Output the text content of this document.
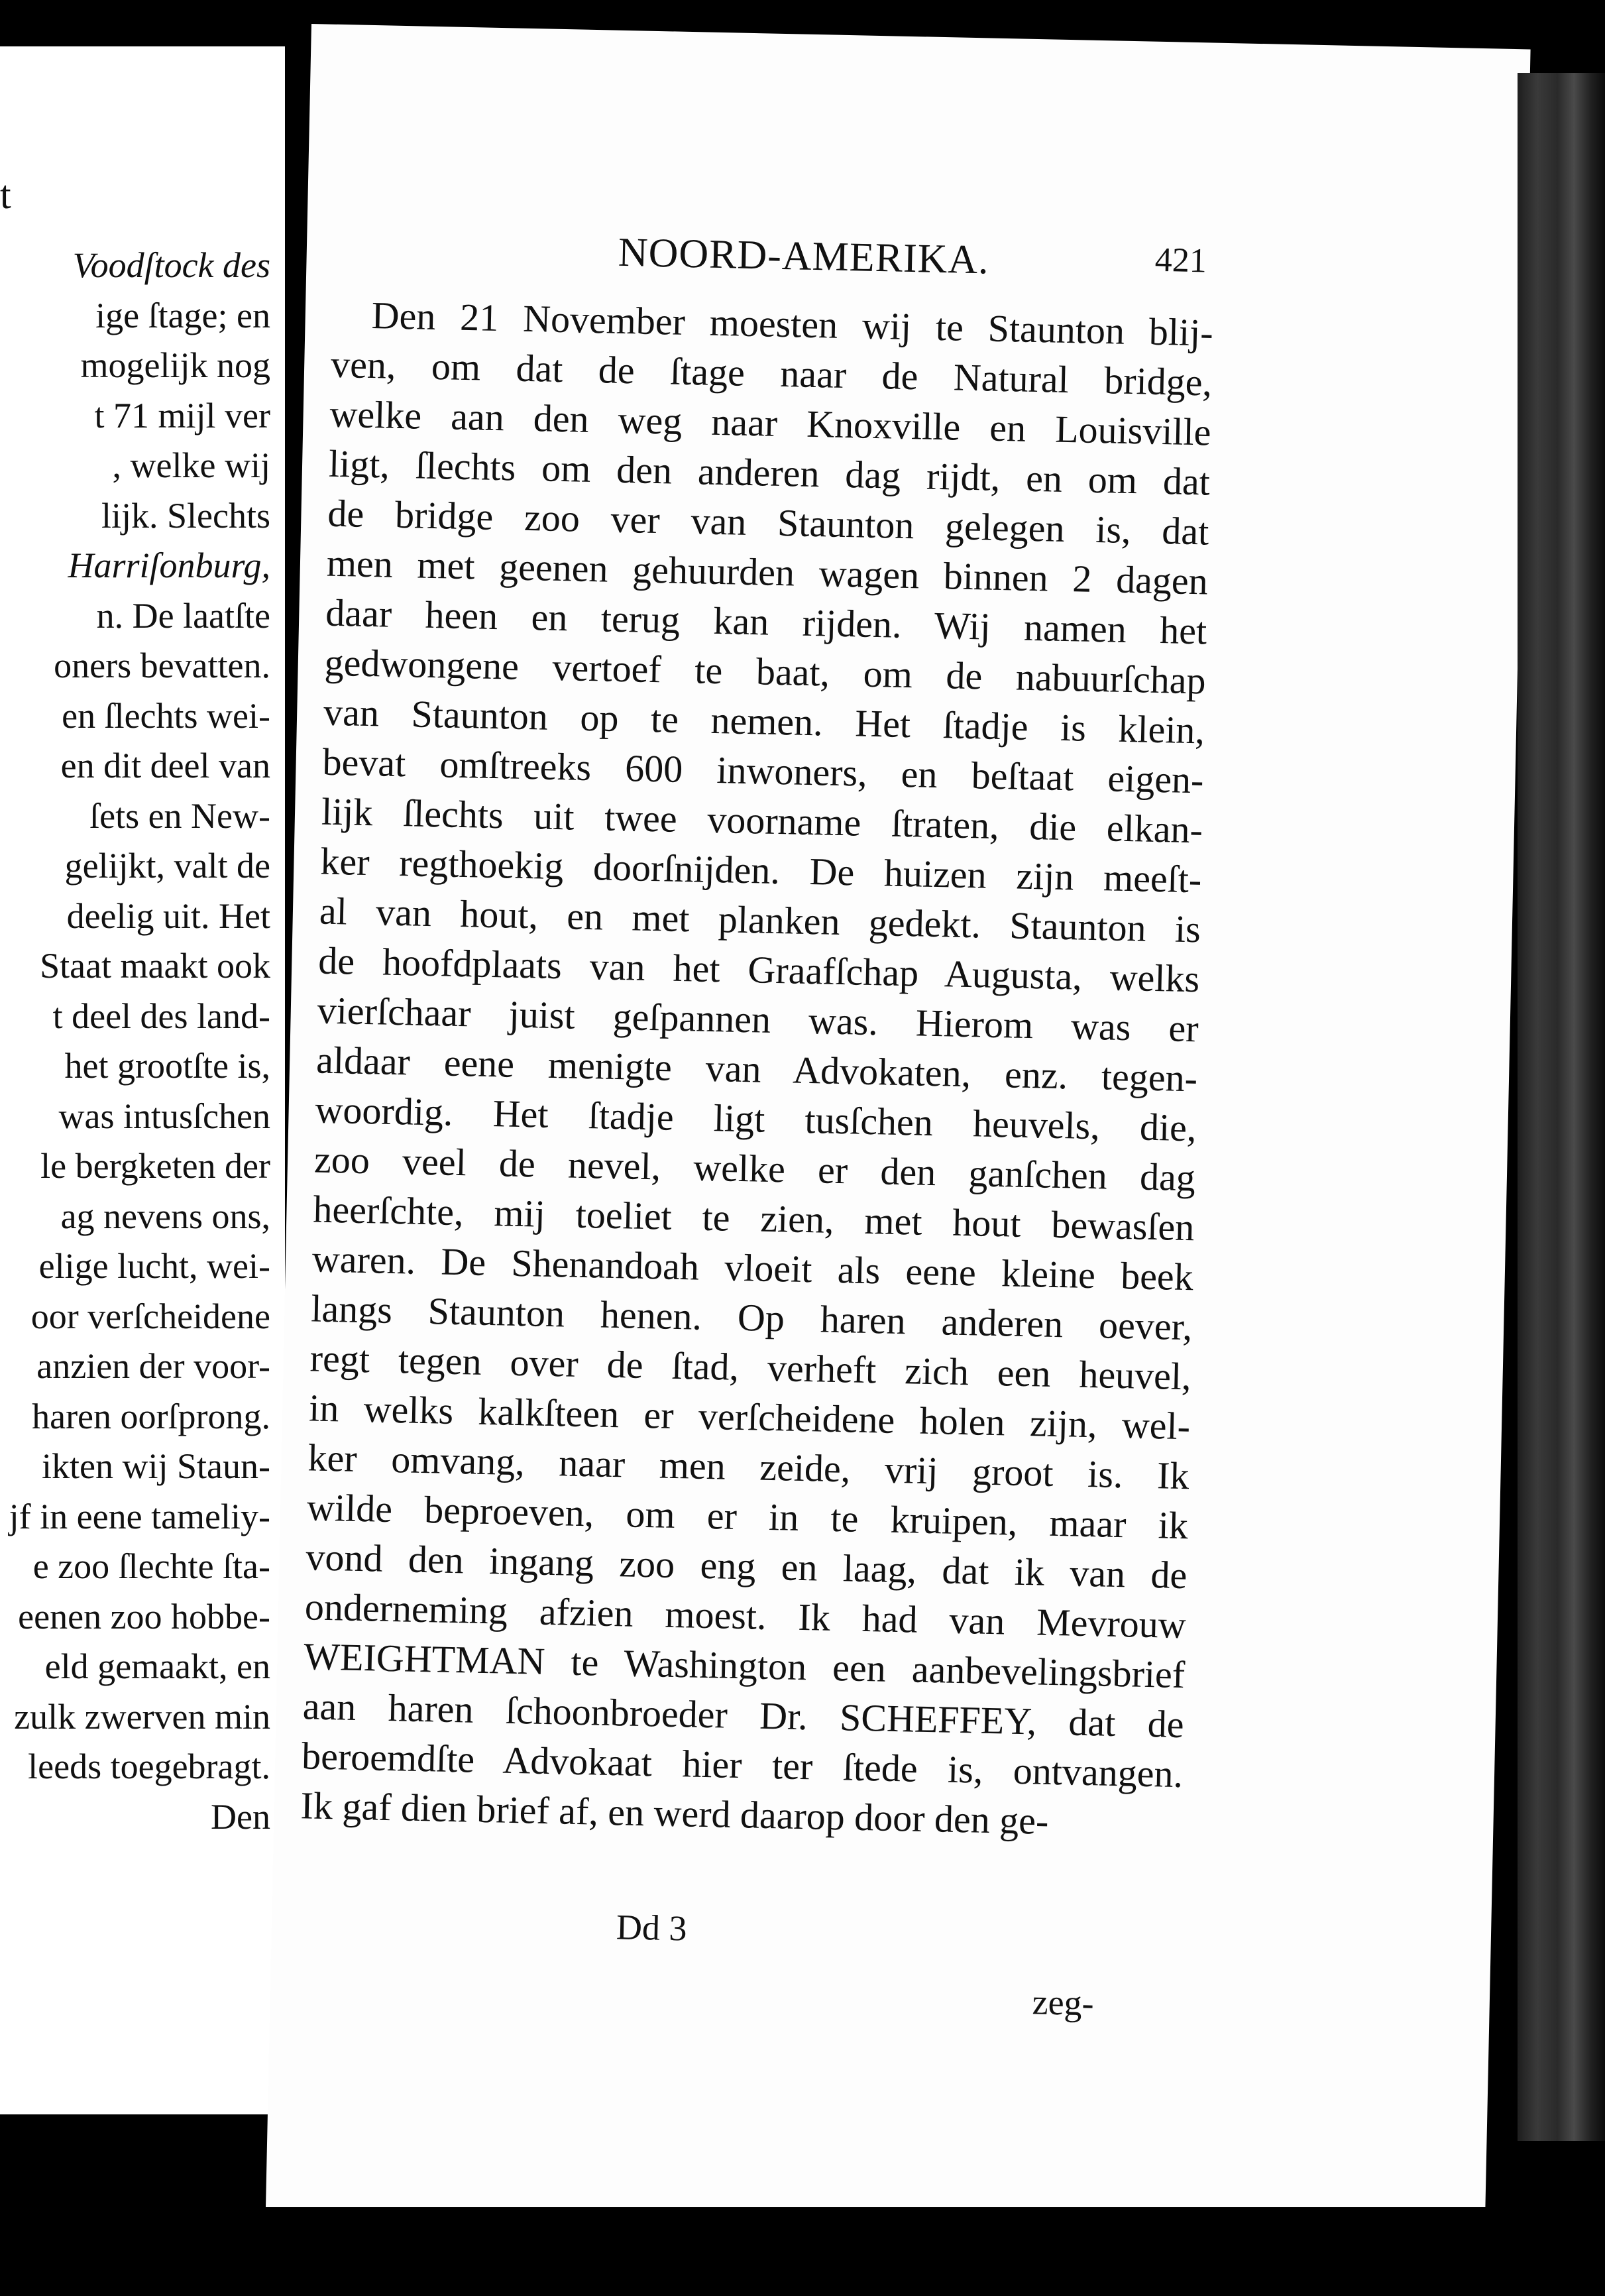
t
Voodſtock des
ige ſtage; en
mogelijk nog
t 71 mijl ver
, welke wij
lijk. Slechts
Harriſonburg,
n. De laatſte
oners bevatten.
en ſlechts wei-
en dit deel van
ſets en New-
gelijkt, valt de
deelig uit. Het
Staat maakt ook
t deel des land-
het grootſte is,
was intusſchen
le bergketen der
ag nevens ons,
elige lucht, wei-
oor verſcheidene
anzien der voor-
haren oorſprong.
ikten wij Staun-
jf in eene tameliy-
e zoo ſlechte ſta-
eenen zoo hobbe-
eld gemaakt, en
zulk zwerven min
leeds toegebragt.
Den
NOORD-AMERIKA.	421
Den 21 November moesten wij te Staunton blij-
ven, om dat de ſtage naar de Natural bridge,
welke aan den weg naar Knoxville en Louisville
ligt, ſlechts om den anderen dag rijdt, en om dat
de bridge zoo ver van Staunton gelegen is, dat
men met geenen gehuurden wagen binnen 2 dagen
daar heen en terug kan rijden. Wij namen het
gedwongene vertoef te baat, om de nabuurſchap
van Staunton op te nemen. Het ſtadje is klein,
bevat omſtreeks 600 inwoners, en beſtaat eigen-
lijk ſlechts uit twee voorname ſtraten, die elkan-
ker regthoekig doorſnijden. De huizen zijn meeſt-
al van hout, en met planken gedekt. Staunton is
de hoofdplaats van het Graafſchap Augusta, welks
vierſchaar juist geſpannen was. Hierom was er
aldaar eene menigte van Advokaten, enz. tegen-
woordig. Het ſtadje ligt tusſchen heuvels, die,
zoo veel de nevel, welke er den ganſchen dag
heerſchte, mij toeliet te zien, met hout bewasſen
waren. De Shenandoah vloeit als eene kleine beek
langs Staunton henen. Op haren anderen oever,
regt tegen over de ſtad, verheft zich een heuvel,
in welks kalkſteen er verſcheidene holen zijn, wel-
ker omvang, naar men zeide, vrij groot is. Ik
wilde beproeven, om er in te kruipen, maar ik
vond den ingang zoo eng en laag, dat ik van de
onderneming afzien moest. Ik had van Mevrouw
WEIGHTMAN te Washington een aanbevelingsbrief
aan haren ſchoonbroeder Dr. SCHEFFEY, dat de
beroemdſte Advokaat hier ter ſtede is, ontvangen.
Ik gaf dien brief af, en werd daarop door den ge-
Dd 3
zeg-
